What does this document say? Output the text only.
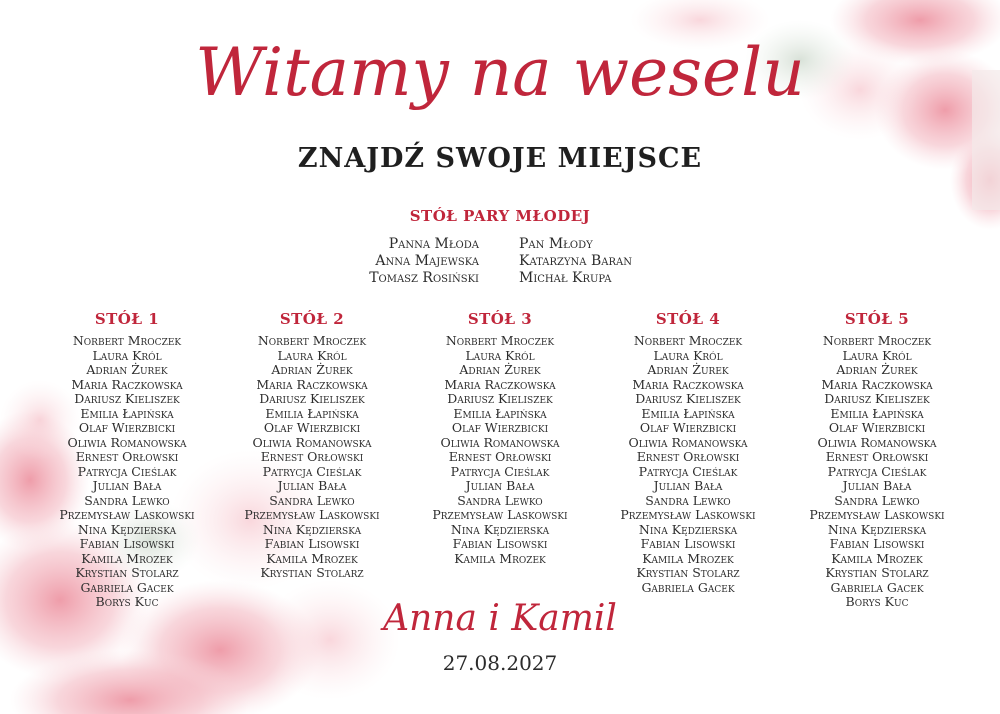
Witamy na weselu
ZNAJDŹ SWOJE MIEJSCE
STÓŁ PARY MŁODEJ
Panna Młoda
Anna Majewska
Tomasz Rosiński
Pan Młody
Katarzyna Baran
Michał Krupa
STÓŁ 1
Norbert Mroczek
Laura Król
Adrian Żurek
Maria Raczkowska
Dariusz Kieliszek
Emilia Łapińska
Olaf Wierzbicki
Oliwia Romanowska
Ernest Orłowski
Patrycja Cieślak
Julian Bała
Sandra Lewko
Przemysław Laskowski
Nina Kędzierska
Fabian Lisowski
Kamila Mrozek
Krystian Stolarz
Gabriela Gacek
Borys Kuc
STÓŁ 2
Norbert Mroczek
Laura Król
Adrian Żurek
Maria Raczkowska
Dariusz Kieliszek
Emilia Łapińska
Olaf Wierzbicki
Oliwia Romanowska
Ernest Orłowski
Patrycja Cieślak
Julian Bała
Sandra Lewko
Przemysław Laskowski
Nina Kędzierska
Fabian Lisowski
Kamila Mrozek
Krystian Stolarz
STÓŁ 3
Norbert Mroczek
Laura Król
Adrian Żurek
Maria Raczkowska
Dariusz Kieliszek
Emilia Łapińska
Olaf Wierzbicki
Oliwia Romanowska
Ernest Orłowski
Patrycja Cieślak
Julian Bała
Sandra Lewko
Przemysław Laskowski
Nina Kędzierska
Fabian Lisowski
Kamila Mrozek
STÓŁ 4
Norbert Mroczek
Laura Król
Adrian Żurek
Maria Raczkowska
Dariusz Kieliszek
Emilia Łapińska
Olaf Wierzbicki
Oliwia Romanowska
Ernest Orłowski
Patrycja Cieślak
Julian Bała
Sandra Lewko
Przemysław Laskowski
Nina Kędzierska
Fabian Lisowski
Kamila Mrozek
Krystian Stolarz
Gabriela Gacek
STÓŁ 5
Norbert Mroczek
Laura Król
Adrian Żurek
Maria Raczkowska
Dariusz Kieliszek
Emilia Łapińska
Olaf Wierzbicki
Oliwia Romanowska
Ernest Orłowski
Patrycja Cieślak
Julian Bała
Sandra Lewko
Przemysław Laskowski
Nina Kędzierska
Fabian Lisowski
Kamila Mrozek
Krystian Stolarz
Gabriela Gacek
Borys Kuc
Anna i Kamil
27.08.2027
